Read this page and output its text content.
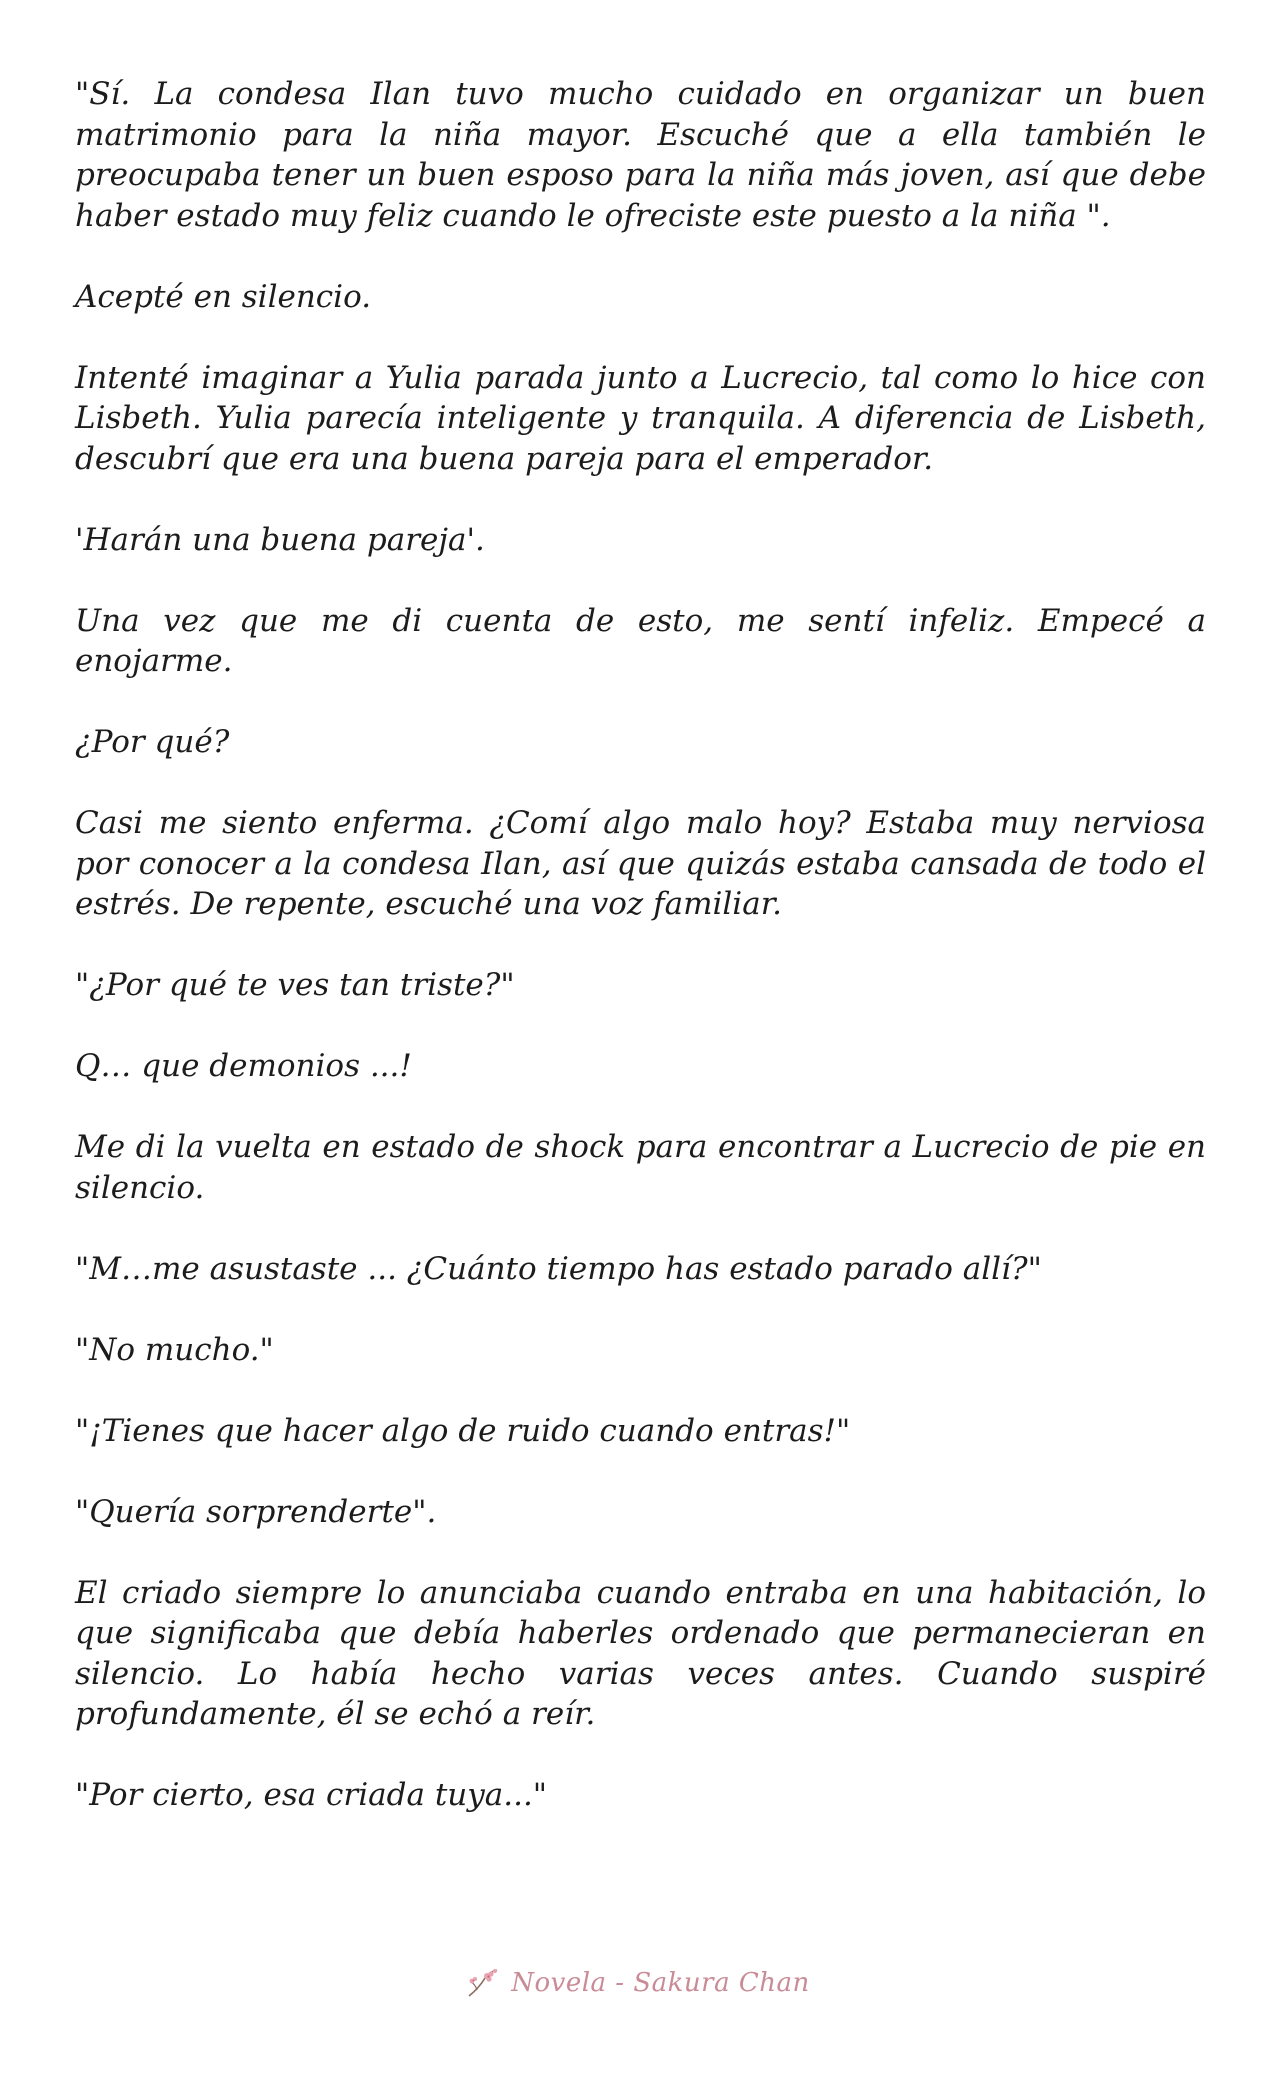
"Sí. La condesa Ilan tuvo mucho cuidado en organizar un buen matrimonio para la niña mayor. Escuché que a ella también le preocupaba tener un buen esposo para la niña más joven, así que debe haber estado muy feliz cuando le ofreciste este puesto a la niña ".

Acepté en silencio.

Intenté imaginar a Yulia parada junto a Lucrecio, tal como lo hice con Lisbeth. Yulia parecía inteligente y tranquila. A diferencia de Lisbeth, descubrí que era una buena pareja para el emperador.

'Harán una buena pareja'.

Una vez que me di cuenta de esto, me sentí infeliz. Empecé a enojarme.

¿Por qué?

Casi me siento enferma. ¿Comí algo malo hoy? Estaba muy nerviosa por conocer a la condesa Ilan, así que quizás estaba cansada de todo el estrés. De repente, escuché una voz familiar.

"¿Por qué te ves tan triste?"

Q… que demonios ...!

Me di la vuelta en estado de shock para encontrar a Lucrecio de pie en silencio.

"M…me asustaste ... ¿Cuánto tiempo has estado parado allí?"

"No mucho."

"¡Tienes que hacer algo de ruido cuando entras!"

"Quería sorprenderte".

El criado siempre lo anunciaba cuando entraba en una habitación, lo que significaba que debía haberles ordenado que permanecieran en silencio. Lo había hecho varias veces antes. Cuando suspiré profundamente, él se echó a reír.

"Por cierto, esa criada tuya..."

Novela - Sakura Chan
